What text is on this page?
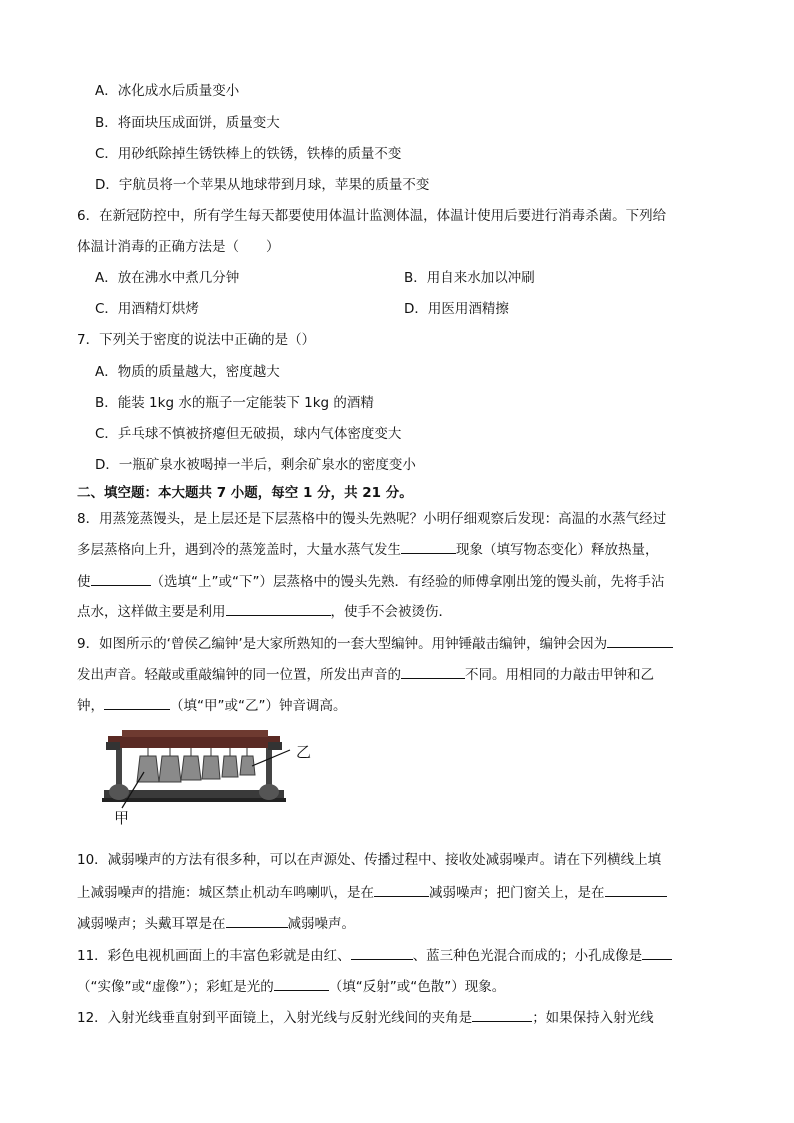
A．冰化成水后质量变小
B．将面块压成面饼，质量变大
C．用砂纸除掉生锈铁棒上的铁锈，铁棒的质量不变
D．宇航员将一个苹果从地球带到月球，苹果的质量不变
6．在新冠防控中，所有学生每天都要使用体温计监测体温，体温计使用后要进行消毒杀菌。下列给
体温计消毒的正确方法是（　　）
A．放在沸水中煮几分钟	B．用自来水加以冲刷
C．用酒精灯烘烤	D．用医用酒精擦
7．下列关于密度的说法中正确的是（）
A．物质的质量越大，密度越大
B．能装 1kg 水的瓶子一定能装下 1kg 的酒精
C．乒乓球不慎被挤瘪但无破损，球内气体密度变大
D．一瓶矿泉水被喝掉一半后，剩余矿泉水的密度变小
二、填空题：本大题共 7 小题，每空 1 分，共 21 分。
8．用蒸笼蒸馒头，是上层还是下层蒸格中的馒头先熟呢？小明仔细观察后发现：高温的水蒸气经过
多层蒸格向上升，遇到冷的蒸笼盖时，大量水蒸气发生	现象（填写物态变化）释放热量，
使	（选填“上”或“下”）层蒸格中的馒头先熟．有经验的师傅拿刚出笼的馒头前，先将手沾
点水，这样做主要是利用	，使手不会被烫伤．
9．如图所示的‘曾侯乙编钟’是大家所熟知的一套大型编钟。用钟锤敲击编钟，编钟会因为
发出声音。轻敲或重敲编钟的同一位置，所发出声音的	不同。用相同的力敲击甲钟和乙
钟，	（填“甲”或“乙”）钟音调高。
甲
乙
10．减弱噪声的方法有很多种，可以在声源处、传播过程中、接收处减弱噪声。请在下列横线上填
上减弱噪声的措施：城区禁止机动车鸣喇叭，是在	减弱噪声；把门窗关上，是在
减弱噪声；头戴耳罩是在	减弱噪声。
11．彩色电视机画面上的丰富色彩就是由红、	、蓝三种色光混合而成的；小孔成像是
（“实像”或“虚像”）；彩虹是光的	（填“反射”或“色散”）现象。
12．入射光线垂直射到平面镜上，入射光线与反射光线间的夹角是	；如果保持入射光线
